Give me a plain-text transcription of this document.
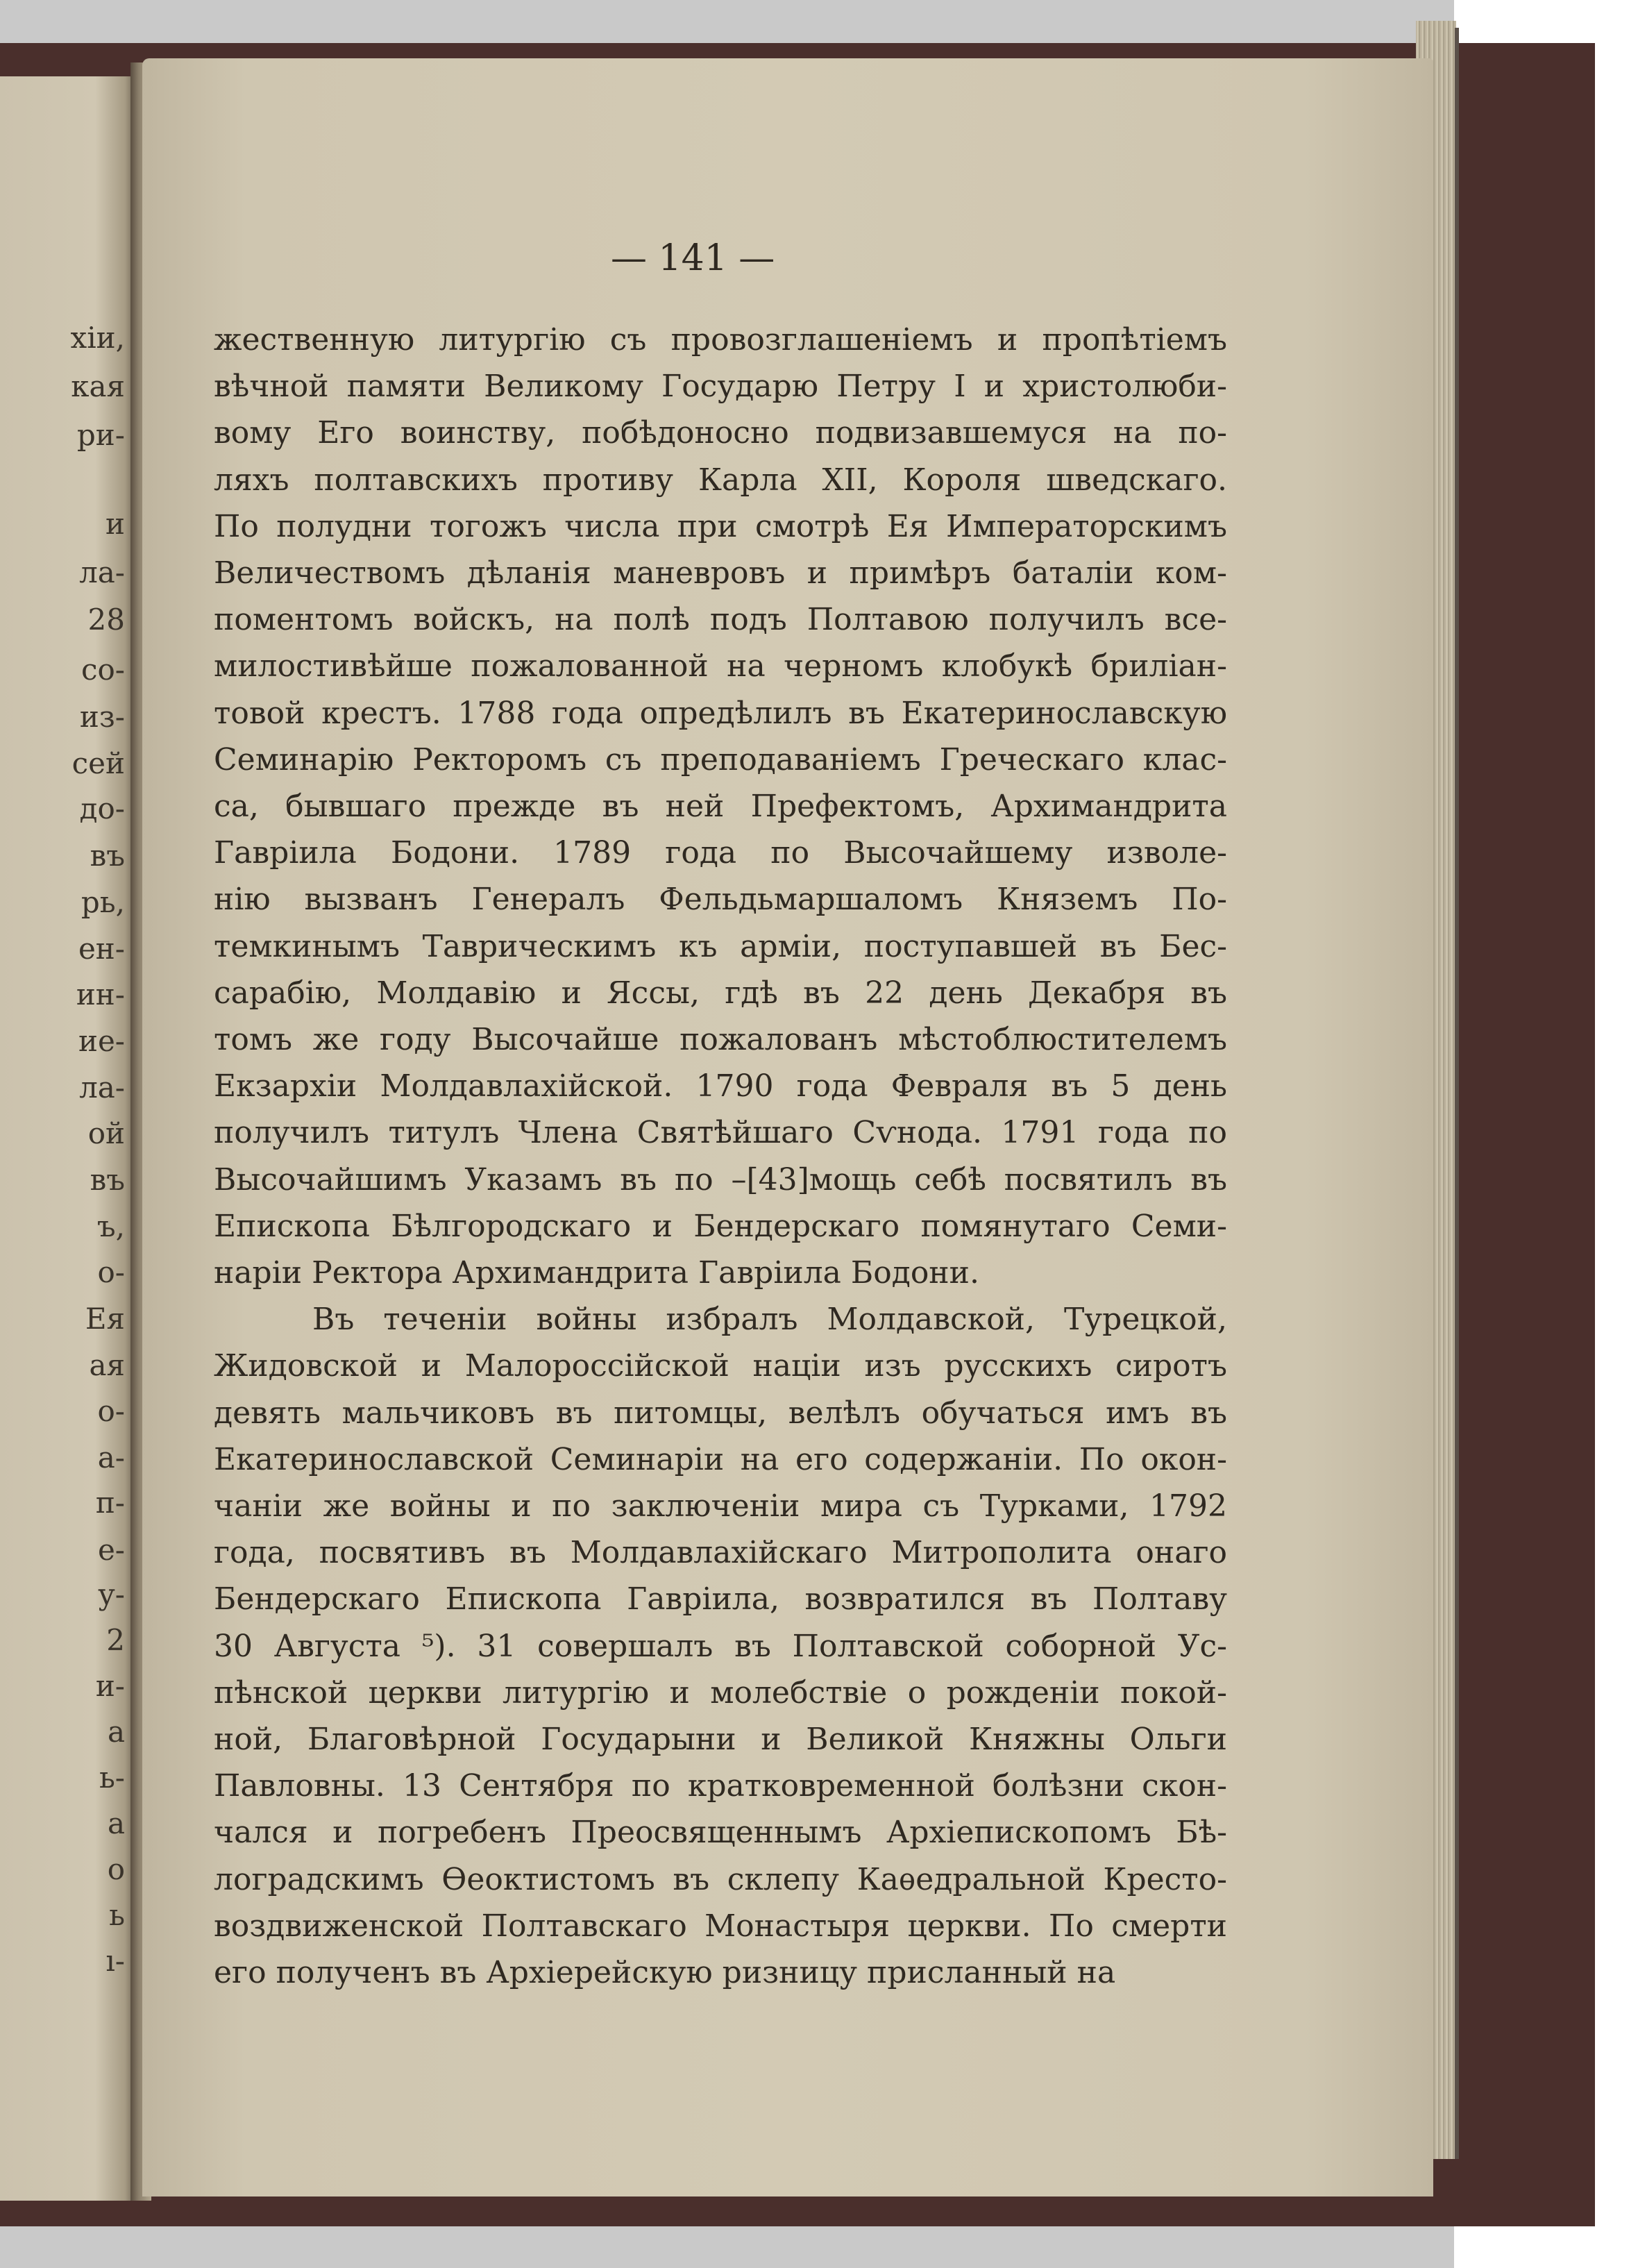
хіи,
кая
ри-
и
ла-
28
со-
из-
сей
до-
въ
рь,
ен-
ин-
ие-
ла-
ой
въ
ъ,
о-
Ея
ая
о-
а-
п-
е-
у-
2
и-
а
ь-
а
о
ь
ı-
— 141 —
жественную литургію съ провозглашеніемъ и пропѣтіемъ
вѣчной памяти Великому Государю Петру I и христолюби-
вому Его воинству, побѣдоносно подвизавшемуся на по-
ляхъ полтавскихъ противу Карла XII, Короля шведскаго.
По полудни тогожъ числа при смотрѣ Ея Императорскимъ
Величествомъ дѣланія маневровъ и примѣръ баталіи ком-
помeнтомъ войскъ, на полѣ подъ Полтавою получилъ все-
милостивѣйше пожалованной на черномъ клобукѣ бриліан-
товой крестъ. 1788 года опредѣлилъ въ Екатеринославскую
Семинарію Ректоромъ съ преподаваніемъ Греческаго клас-
са, бывшаго прежде въ ней Префектомъ, Архимандрита
Гавріила Бодони. 1789 года по Высочайшему изволе-
нію вызванъ Генералъ Фельдьмаршаломъ Княземъ По-
темкинымъ Таврическимъ къ арміи, поступавшей въ Бес-
сарабію, Молдавію и Яссы, гдѣ въ 22 день Декабря въ
томъ же году Высочайше пожалованъ мѣстоблюстителемъ
Екзархіи Молдавлахійской. 1790 года Февраля въ 5 день
получилъ титулъ Члена Святѣйшаго Сѵнода. 1791 года по
Высочайшимъ Указамъ въ по –[43]мощь себѣ посвятилъ въ
Епископа Бѣлгородскаго и Бендерскаго помянутаго Семи-
наріи Ректора Архимандрита Гавріила Бодони.
Въ теченіи войны избралъ Молдавской, Турецкой,
Жидовской и Малороссійской націи изъ русскихъ сиротъ
девять мальчиковъ въ питомцы, велѣлъ обучаться имъ въ
Екатеринославской Семинаріи на его содержаніи. По окон-
чаніи же войны и по заключеніи мира съ Турками, 1792
года, посвятивъ въ Молдавлахійскаго Митрополита онаго
Бендерскаго Епископа Гавріила, возвратился въ Полтаву
30 Августа ⁵). 31 совершалъ въ Полтавской соборной Ус-
пѣнской церкви литургію и молебствіе о рожденіи покой-
ной, Благовѣрной Государыни и Великой Княжны Ольги
Павловны. 13 Сентября по кратковременной болѣзни скон-
чался и погребенъ Преосвященнымъ Архіепископомъ Бѣ-
логрaдскимъ Ѳеоктистомъ въ склепу Каѳедральной Кресто-
воздвиженской Полтавскаго Монастыря церкви. По смерти
его полученъ въ Архіерейскую ризницу присланный на
